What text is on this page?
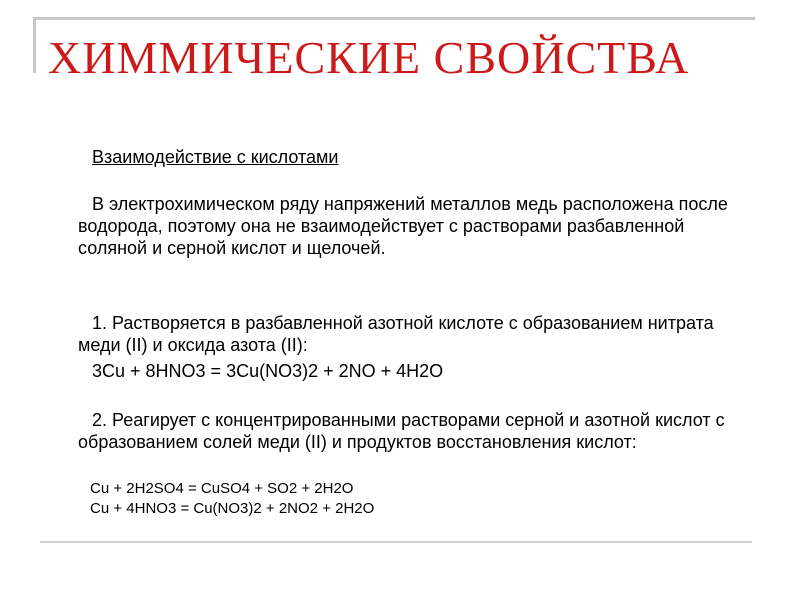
ХИММИЧЕСКИЕ СВОЙСТВА
Взаимодействие с кислотами
В электрохимическом ряду напряжений металлов медь расположена после водорода, поэтому она не взаимодействует с растворами разбавленной соляной и серной кислот и щелочей.
1. Растворяется в разбавленной азотной кислоте с образованием нитрата меди (II) и оксида азота (II):
3Cu + 8HNO3 = 3Cu(NO3)2 + 2NO + 4H2O
2. Реагирует с концентрированными растворами серной и азотной кислот с образованием солей меди (II) и продуктов восстановления кислот:
Cu + 2H2SO4 = CuSO4 + SO2 + 2H2O
Cu + 4HNO3 = Cu(NO3)2 + 2NO2 + 2H2O
